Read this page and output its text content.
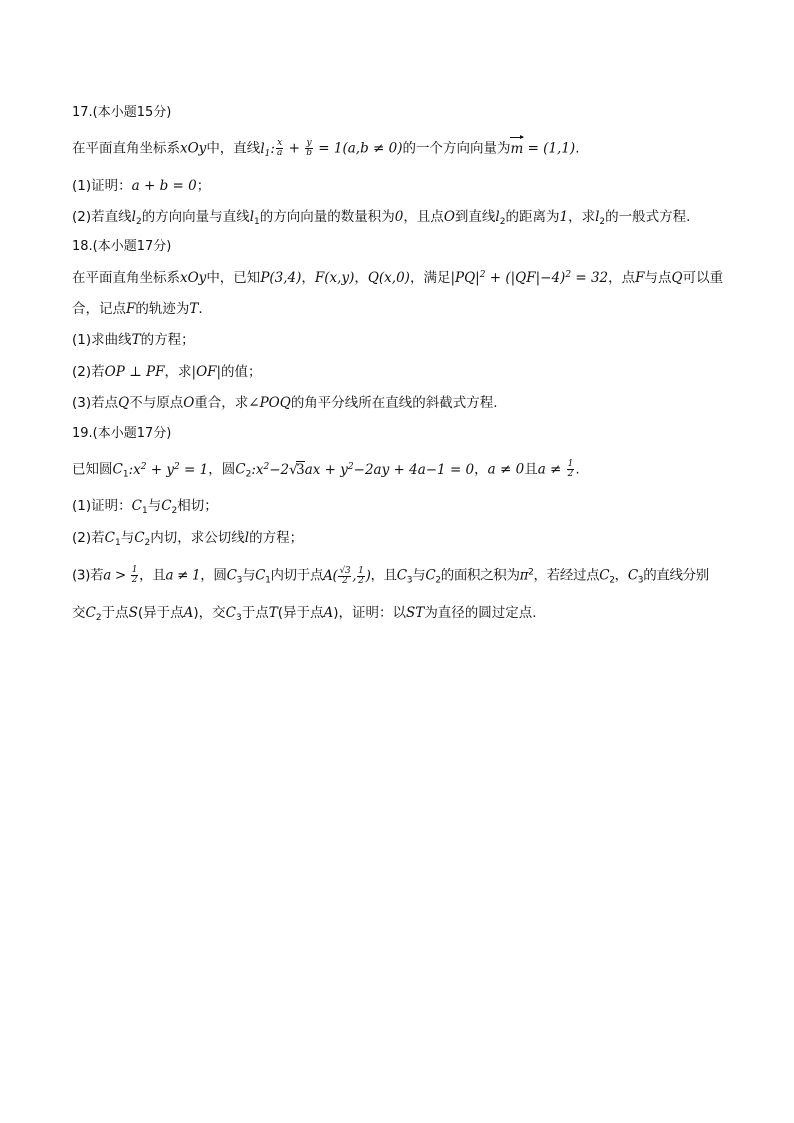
17.(本小题15分)
在平面直角坐标系xOy中，直线$l_1$: $\frac{x}{a} + \frac{y}{b} = 1(a,b \ne 0)$的一个方向向量为m = (1,1).
(1)证明：a + b = 0；
(2)若直线$l_2$的方向向量与直线$l_1$的方向向量的数量积为0，且点O到直线$l_2$的距离为1，求$l_2$的一般式方程.
18.(本小题17分)
在平面直角坐标系xOy中，已知P(3,4)，F(x,y)，Q(x,0)，满足$|PQ|^2 + (|QF|-4)^2 = 32$，点F与点Q可以重
合，记点F的轨迹为T.
(1)求曲线T的方程；
(2)若OP ⊥ PF，求|OF|的值；
(3)若点Q不与原点O重合，求∠POQ的角平分线所在直线的斜截式方程.
19.(本小题17分)
已知圆$C_1:x^2 + y^2 = 1$，圆$C_2:x^2-2$ √
$3ax + y^2-2ay + 4a-1 = 0$，a ≠ 0且$a \ne \frac{1}{2}$ .
(1)证明：$C_1$与$C_2$相切；
(2)若$C_1$与$C_2$内切，求公切线l的方程；
(3)若$a > \frac{1}{2}$ ，且a ≠ 1，圆$C_3$与$C_1$内切于点$A( \frac{√3}{2}$ , $\frac{1}{2}$ )，且$C_3$与$C_2$的面积之积为$\pi^2$，若经过点$C_2$，$C_3$的直线分别
交$C_2$于点S(异于点A)，交$C_3$于点T(异于点A)，证明：以ST为直径的圆过定点.
